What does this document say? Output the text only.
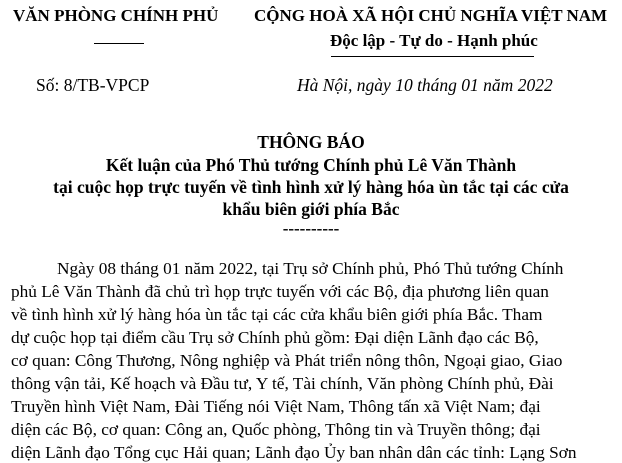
VĂN PHÒNG CHÍNH PHỦ CỘNG HOÀ XÃ HỘI CHỦ NGHĨA VIỆT NAM
Độc lập - Tự do - Hạnh phúc
Số: 8/TB-VPCP	Hà Nội, ngày 10 tháng 01 năm 2022
THÔNG BÁO
Kết luận của Phó Thủ tướng Chính phủ Lê Văn Thành
tại cuộc họp trực tuyến về tình hình xử lý hàng hóa ùn tắc tại các cửa
khẩu biên giới phía Bắc
----------
Ngày 08 tháng 01 năm 2022, tại Trụ sở Chính phủ, Phó Thủ tướng Chính
phủ Lê Văn Thành đã chủ trì họp trực tuyến với các Bộ, địa phương liên quan
về tình hình xử lý hàng hóa ùn tắc tại các cửa khẩu biên giới phía Bắc. Tham
dự cuộc họp tại điểm cầu Trụ sở Chính phủ gồm: Đại diện Lãnh đạo các Bộ,
cơ quan: Công Thương, Nông nghiệp và Phát triển nông thôn, Ngoại giao, Giao
thông vận tải, Kế hoạch và Đầu tư, Y tế, Tài chính, Văn phòng Chính phủ, Đài
Truyền hình Việt Nam, Đài Tiếng nói Việt Nam, Thông tấn xã Việt Nam; đại
diện các Bộ, cơ quan: Công an, Quốc phòng, Thông tin và Truyền thông; đại
diện Lãnh đạo Tổng cục Hải quan; Lãnh đạo Ủy ban nhân dân các tỉnh: Lạng Sơn
